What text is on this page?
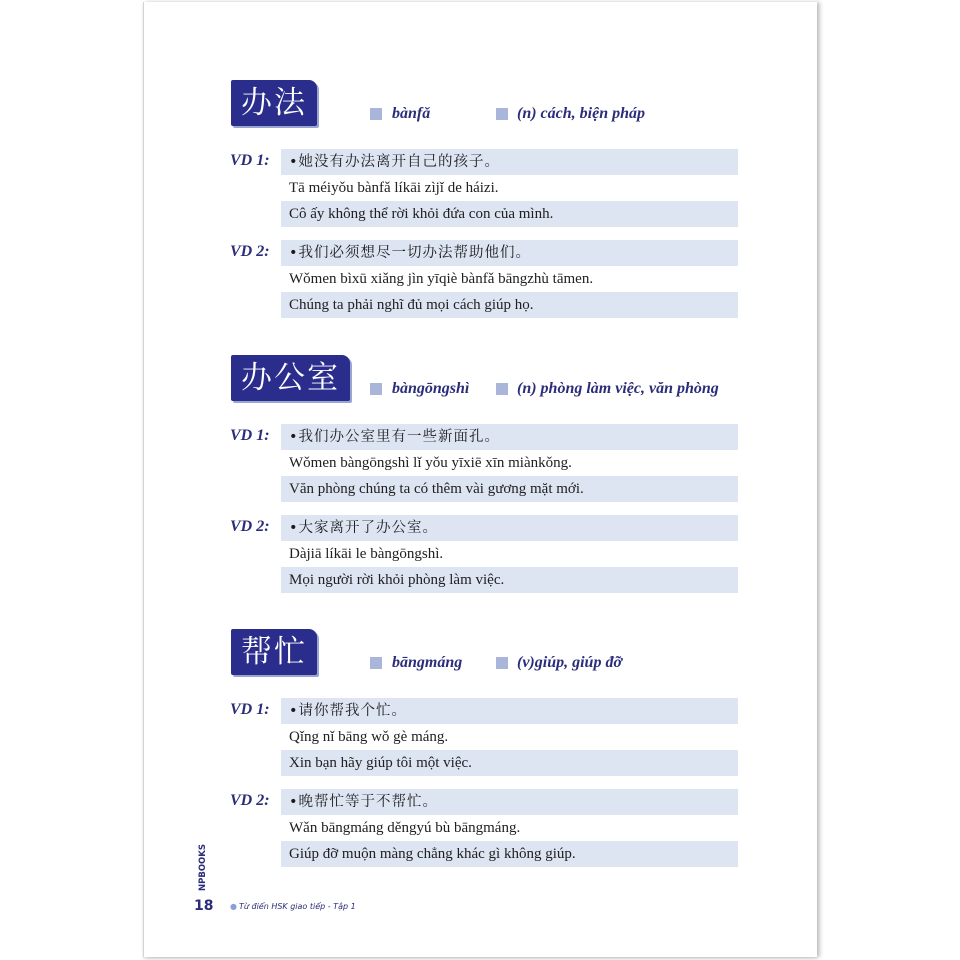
办法	bànfǎ	(n) cách, biện pháp
VD 1:	•她没有办法离开自己的孩子。
Tā méiyǒu bànfǎ líkāi zìjǐ de háizi.
Cô ấy không thể rời khỏi đứa con của mình.
VD 2:	•我们必须想尽一切办法帮助他们。
Wǒmen bìxū xiǎng jìn yīqiè bànfǎ bāngzhù tāmen.
Chúng ta phải nghĩ đủ mọi cách giúp họ.
办公室	bàngōngshì	(n) phòng làm việc, văn phòng
VD 1:	•我们办公室里有一些新面孔。
Wǒmen bàngōngshì lǐ yǒu yīxiē xīn miànkǒng.
Văn phòng chúng ta có thêm vài gương mặt mới.
VD 2:	•大家离开了办公室。
Dàjiā líkāi le bàngōngshì.
Mọi người rời khỏi phòng làm việc.
帮忙	bāngmáng	(v)giúp, giúp đỡ
VD 1:	•请你帮我个忙。
Qǐng nǐ bāng wǒ gè máng.
Xin bạn hãy giúp tôi một việc.
VD 2:	•晚帮忙等于不帮忙。
Wǎn bāngmáng děngyú bù bāngmáng.
Giúp đỡ muộn màng chẳng khác gì không giúp.
NPBOOKS
18 ● Từ điển HSK giao tiếp - Tập 1
